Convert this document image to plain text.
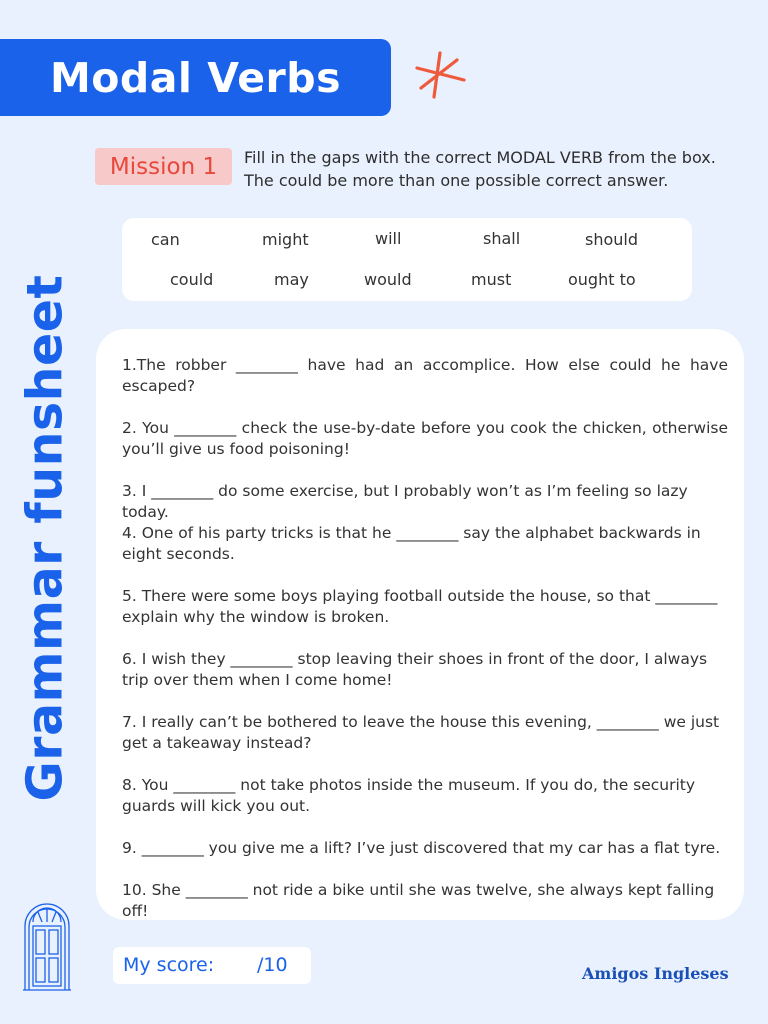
Modal Verbs
Mission 1 Fill in the gaps with the correct MODAL VERB from the box.
The could be more than one possible correct answer.
can	might	will	shall	should
could	may	would	must	ought to
Grammar funsheet	1.The robber ________ have had an accomplice. How else could he have escaped?

2. You ________ check the use-by-date before you cook the chicken, otherwise you’ll give us food poisoning!

3. I ________ do some exercise, but I probably won’t as I’m feeling so lazy today.

4. One of his party tricks is that he ________ say the alphabet backwards in eight seconds.

5. There were some boys playing football outside the house, so that ________ explain why the window is broken.

6. I wish they ________ stop leaving their shoes in front of the door, I always trip over them when I come home!

7. I really can’t be bothered to leave the house this evening, ________ we just get a takeaway instead?

8. You ________ not take photos inside the museum. If you do, the security guards will kick you out.

9. ________ you give me a lift? I’ve just discovered that my car has a flat tyre.

10. She ________ not ride a bike until she was twelve, she always kept falling off!

My score: /10	Amigos Ingleses
